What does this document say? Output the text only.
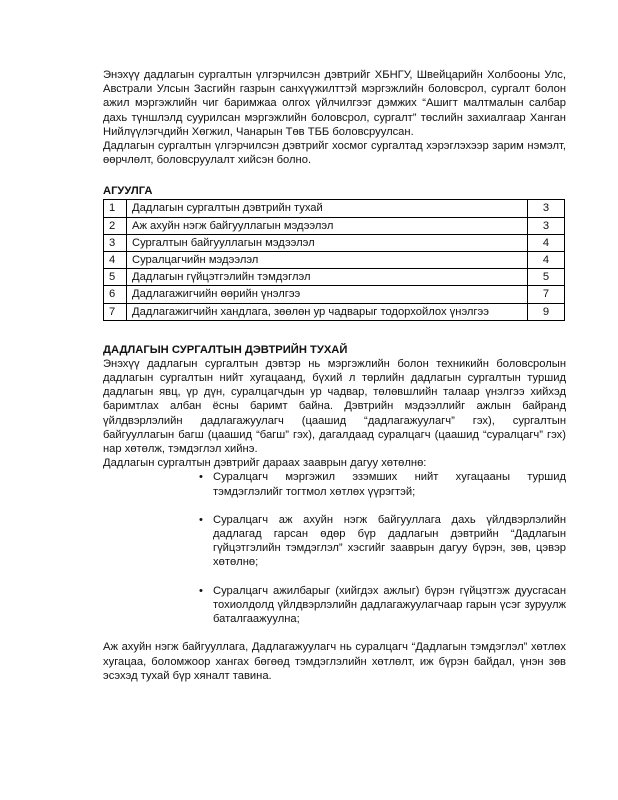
Энэхүү дадлагын сургалтын үлгэрчилсэн дэвтрийг ХБНГУ, Швейцарийн Холбооны Улс, Австрали Улсын Засгийн газрын санхүүжилттэй мэргэжлийн боловсрол, сургалт болон ажил мэргэжлийн чиг баримжаа олгох үйлчилгээг дэмжих “Ашигт малтмалын салбар дахь түншлэлд суурилсан мэргэжлийн боловсрол, сургалт” төслийн захиалгаар Ханган Нийлүүлэгчдийн Хөгжил, Чанарын Төв ТББ боловсруулсан.

Дадлагын сургалтын үлгэрчилсэн дэвтрийг хосмог сургалтад хэрэглэхээр зарим нэмэлт, өөрчлөлт, боловсруулалт хийсэн болно.

АГУУЛГА
1	Дадлагын сургалтын дэвтрийн тухай	3
2	Аж ахуйн нэгж байгууллагын мэдээлэл	3
3	Сургалтын байгууллагын мэдээлэл	4
4	Суралцагчийн мэдээлэл	4
5	Дадлагын гүйцэтгэлийн тэмдэглэл	5
6	Дадлагажигчийн өөрийн үнэлгээ	7
7	Дадлагажигчийн хандлага, зөөлөн ур чадварыг тодорхойлох үнэлгээ	9
ДАДЛАГЫН СУРГАЛТЫН ДЭВТРИЙН ТУХАЙ

Энэхүү дадлагын сургалтын дэвтэр нь мэргэжлийн болон техникийн боловсролын дадлагын сургалтын нийт хугацаанд, бүхий л төрлийн дадлагын сургалтын туршид дадлагын явц, үр дүн, суралцагчдын ур чадвар, төлөвшлийн талаар үнэлгээ хийхэд баримтлах албан ёсны баримт байна. Дэвтрийн мэдээллийг ажлын байранд үйлдвэрлэлийн дадлагажуулагч (цаашид “дадлагажуулагч” гэх), сургалтын байгууллагын багш (цаашид “багш” гэх), дагалдаад суралцагч (цаашид “суралцагч” гэх) нар хөтөлж, тэмдэглэл хийнэ.

Дадлагын сургалтын дэвтрийг дараах зааврын дагуу хөтөлнө:

• Суралцагч мэргэжил эзэмших нийт хугацааны туршид тэмдэглэлийг тогтмол хөтлөх үүрэгтэй;
• Суралцагч аж ахуйн нэгж байгууллага дахь үйлдвэрлэлийн дадлагад гарсан өдөр бүр дадлагын дэвтрийн “Дадлагын гүйцэтгэлийн тэмдэглэл” хэсгийг зааврын дагуу бүрэн, зөв, цэвэр хөтөлнө;
• Суралцагч ажилбарыг (хийгдэх ажлыг) бүрэн гүйцэтгэж дуусгасан тохиолдолд үйлдвэрлэлийн дадлагажуулагчаар гарын үсэг зуруулж баталгаажуулна;

Аж ахуйн нэгж байгууллага, Дадлагажуулагч нь суралцагч “Дадлагын тэмдэглэл” хөтлөх хугацаа, боломжоор хангах бөгөөд тэмдэглэлийн хөтлөлт, иж бүрэн байдал, үнэн зөв эсэхэд тухай бүр хяналт тавина.
